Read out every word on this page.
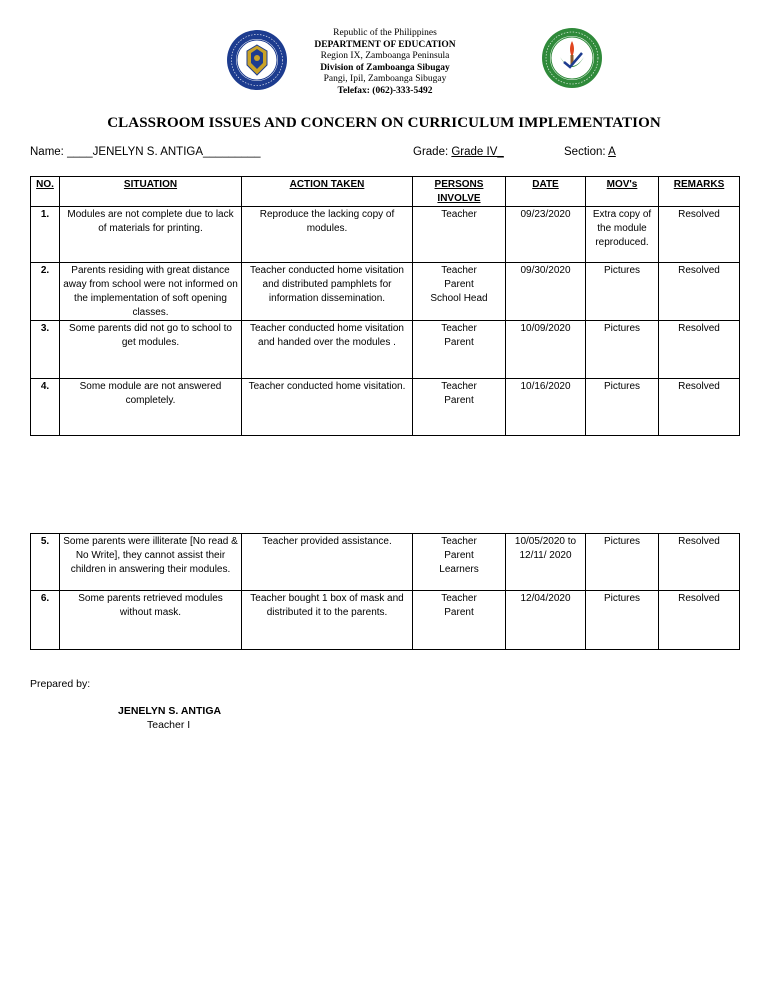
Republic of the Philippines
DEPARTMENT OF EDUCATION
Region IX, Zamboanga Peninsula
Division of Zamboanga Sibugay
Pangi, Ipil, Zamboanga Sibugay
Telefax: (062)-333-5492
CLASSROOM ISSUES AND CONCERN ON CURRICULUM IMPLEMENTATION
Name: ____JENELYN S. ANTIGA_________	Grade: Grade IV_	Section: A
NO.	SITUATION	ACTION TAKEN	PERSONS INVOLVE	DATE	MOV's	REMARKS
1.	Modules are not complete due to lack of materials for printing.	Reproduce the lacking copy of modules.	Teacher	09/23/2020	Extra copy of the module reproduced.	Resolved
2.	Parents residing with great distance away from school were not informed on the implementation of soft opening classes.	Teacher conducted home visitation and distributed pamphlets for information dissemination.	Teacher
Parent
School Head	09/30/2020	Pictures	Resolved
3.	Some parents did not go to school to get modules.	Teacher conducted home visitation and handed over the modules .	Teacher
Parent	10/09/2020	Pictures	Resolved
4.	Some module are not answered completely.	Teacher conducted home visitation.	Teacher
Parent	10/16/2020	Pictures	Resolved
5.	Some parents were illiterate [No read & No Write], they cannot assist their children in answering their modules.	Teacher provided assistance.	Teacher
Parent
Learners	10/05/2020 to 12/11/ 2020	Pictures	Resolved
6.	Some parents retrieved modules without mask.	Teacher bought 1 box of mask and distributed it to the parents.	Teacher
Parent	12/04/2020	Pictures	Resolved
Prepared by:
JENELYN S. ANTIGA
Teacher I
